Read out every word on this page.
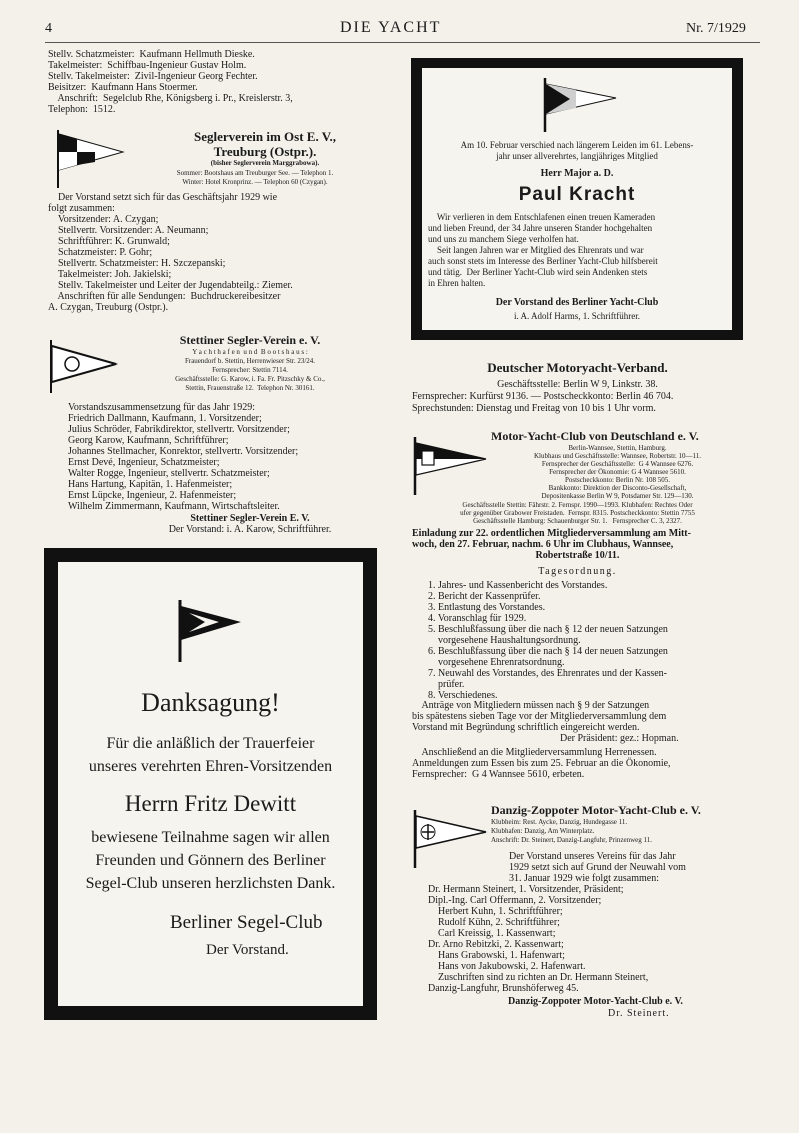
4	DIE YACHT	Nr. 7/1929
Seglerverein im Ost E. V.,
Treuburg (Ostpr.).
(bisher Seglerverein Marggrabowa).
Sommer: Bootshaus am Treuburger See. — Telephon 1.
Winter: Hotel Kronprinz. — Telephon 60 (Czygan).
Stettiner Segler-Verein e. V.
Stettiner Segler-Verein E. V.
Der Vorstand: i. A. Karow, Schriftführer.
Danksagung!
Für die anläßlich der Trauerfeier
unseres verehrten Ehren-Vorsitzenden
Herrn Fritz Dewitt
bewiesene Teilnahme sagen wir allen
Freunden und Gönnern des Berliner
Segel-Club unseren herzlichsten Dank.
Berliner Segel-Club
Der Vorstand.
Am 10. Februar verschied nach längerem Leiden im 61. Lebens-
jahr unser allverehrtes, langjähriges Mitglied
Herr Major a. D.
Paul Kracht
Der Vorstand des Berliner Yacht-Club
i. A. Adolf Harms, 1. Schriftführer.
Deutscher Motoryacht-Verband.
Geschäftsstelle: Berlin W 9, Linkstr. 38.
Fernsprecher: Kurfürst 9136. — Postscheckkonto: Berlin 46 704.
Sprechstunden: Dienstag und Freitag von 10 bis 1 Uhr vorm.
Motor-Yacht-Club von Deutschland e. V.
Robertstraße 10/11.
Tagesordnung.
Der Präsident: gez.: Hopman.
Danzig-Zoppoter Motor-Yacht-Club e. V.
Danzig-Zoppoter Motor-Yacht-Club e. V.
Dr. Steinert.
Stellv. Schatzmeister:  Kaufmann Hellmuth Dieske.
Takelmeister:  Schiffbau-Ingenieur Gustav Holm.
Stellv. Takelmeister:  Zivil-Ingenieur Georg Fechter.
Beisitzer:  Kaufmann Hans Stoermer.
Anschrift:  Segelclub Rhe, Königsberg i. Pr., Kreislerstr. 3,
Telephon:  1512.
Der Vorstand setzt sich für das Geschäftsjahr 1929 wie
folgt zusammen:
Vorsitzender: A. Czygan;
Stellvertr. Vorsitzender: A. Neumann;
Schriftführer: K. Grunwald;
Schatzmeister: P. Gohr;
Stellvertr. Schatzmeister: H. Szczepanski;
Takelmeister: Joh. Jakielski;
Stellv. Takelmeister und Leiter der Jugendabteilg.: Ziemer.
Anschriften für alle Sendungen:  Buchdruckereibesitzer
A. Czygan, Treuburg (Ostpr.).
Y a c h t h a f e n  u n d  B o o t s h a u s :
Frauendorf b. Stettin, Herrenwieser Str. 23/24.
Fernsprecher: Stettin 7114.
Geschäftsstelle: G. Karow, i. Fa. Fr. Pitzschky & Co.,
Stettin, Frauenstraße 12.  Telephon Nr. 30161.
Vorstandszusammensetzung für das Jahr 1929:
Friedrich Dallmann, Kaufmann, 1. Vorsitzender;
Julius Schröder, Fabrikdirektor, stellvertr. Vorsitzender;
Georg Karow, Kaufmann, Schriftführer;
Johannes Stellmacher, Konrektor, stellvertr. Vorsitzender;
Ernst Devé, Ingenieur, Schatzmeister;
Walter Rogge, Ingenieur, stellvertr. Schatzmeister;
Hans Hartung, Kapitän, 1. Hafenmeister;
Ernst Lüpcke, Ingenieur, 2. Hafenmeister;
Wilhelm Zimmermann, Kaufmann, Wirtschaftsleiter.
Wir verlieren in dem Entschlafenen einen treuen Kameraden
und lieben Freund, der 34 Jahre unseren Stander hochgehalten
und uns zu manchem Siege verholfen hat.
Seit langen Jahren war er Mitglied des Ehrenrats und war
auch sonst stets im Interesse des Berliner Yacht-Club hilfsbereit
und tätig.  Der Berliner Yacht-Club wird sein Andenken stets
in Ehren halten.
Berlin-Wannsee, Stettin, Hamburg.
Klubhaus und Geschäftsstelle: Wannsee, Robertstr. 10—11.
Fernsprecher der Geschäftsstelle:  G 4 Wannsee 6276.
Fernsprecher der Ökonomie: G 4 Wannsee 5610.
Postscheckkonto: Berlin Nr. 108 505.
Bankkonto: Direktion der Disconto-Gesellschaft,
Depositenkasse Berlin W 9, Potsdamer Str. 129—130.
Geschäftsstelle Stettin: Fährstr. 2. Fernspr. 1990—1993. Klubhafen: Rechtes Oder
ufer gegenüber Grabower Freistaden.  Fernspr. 8315. Postscheckkonto: Stettin 7755
Geschäftsstelle Hamburg: Schauenburger Str. 1.   Fernsprecher C. 3, 2327.
Einladung zur 22. ordentlichen Mitgliederversammlung am Mitt-
woch, den 27. Februar, nachm. 6 Uhr im Clubhaus, Wannsee,
1. Jahres- und Kassenbericht des Vorstandes.
2. Bericht der Kassenprüfer.
3. Entlastung des Vorstandes.
4. Voranschlag für 1929.
5. Beschlußfassung über die nach § 12 der neuen Satzungen
vorgesehene Haushaltungsordnung.
6. Beschlußfassung über die nach § 14 der neuen Satzungen
vorgesehene Ehrenratsordnung.
7. Neuwahl des Vorstandes, des Ehrenrates und der Kassen-
prüfer.
8. Verschiedenes.
Anträge von Mitgliedern müssen nach § 9 der Satzungen
bis spätestens sieben Tage vor der Mitgliederversammlung dem
Vorstand mit Begründung schriftlich eingereicht werden.
Anschließend an die Mitgliederversammlung Herrenessen.
Anmeldungen zum Essen bis zum 25. Februar an die Ökonomie,
Fernsprecher:  G 4 Wannsee 5610, erbeten.
Klubheim: Rest. Aycke, Danzig, Hundegasse 11.
Klubhafen: Danzig, Am Winterplatz.
Anschrift: Dr. Steinert, Danzig-Langfuhr, Prinzenweg 11.
Der Vorstand unseres Vereins für das Jahr
1929 setzt sich auf Grund der Neuwahl vom
31. Januar 1929 wie folgt zusammen:
Dr. Hermann Steinert, 1. Vorsitzender, Präsident;
Dipl.-Ing. Carl Offermann, 2. Vorsitzender;
Herbert Kuhn, 1. Schriftführer;
Rudolf Kühn, 2. Schriftführer;
Carl Kreissig, 1. Kassenwart;
Dr. Arno Rebitzki, 2. Kassenwart;
Hans Grabowski, 1. Hafenwart;
Hans von Jakubowski, 2. Hafenwart.
Zuschriften sind zu richten an Dr. Hermann Steinert,
Danzig-Langfuhr, Brunshöferweg 45.
